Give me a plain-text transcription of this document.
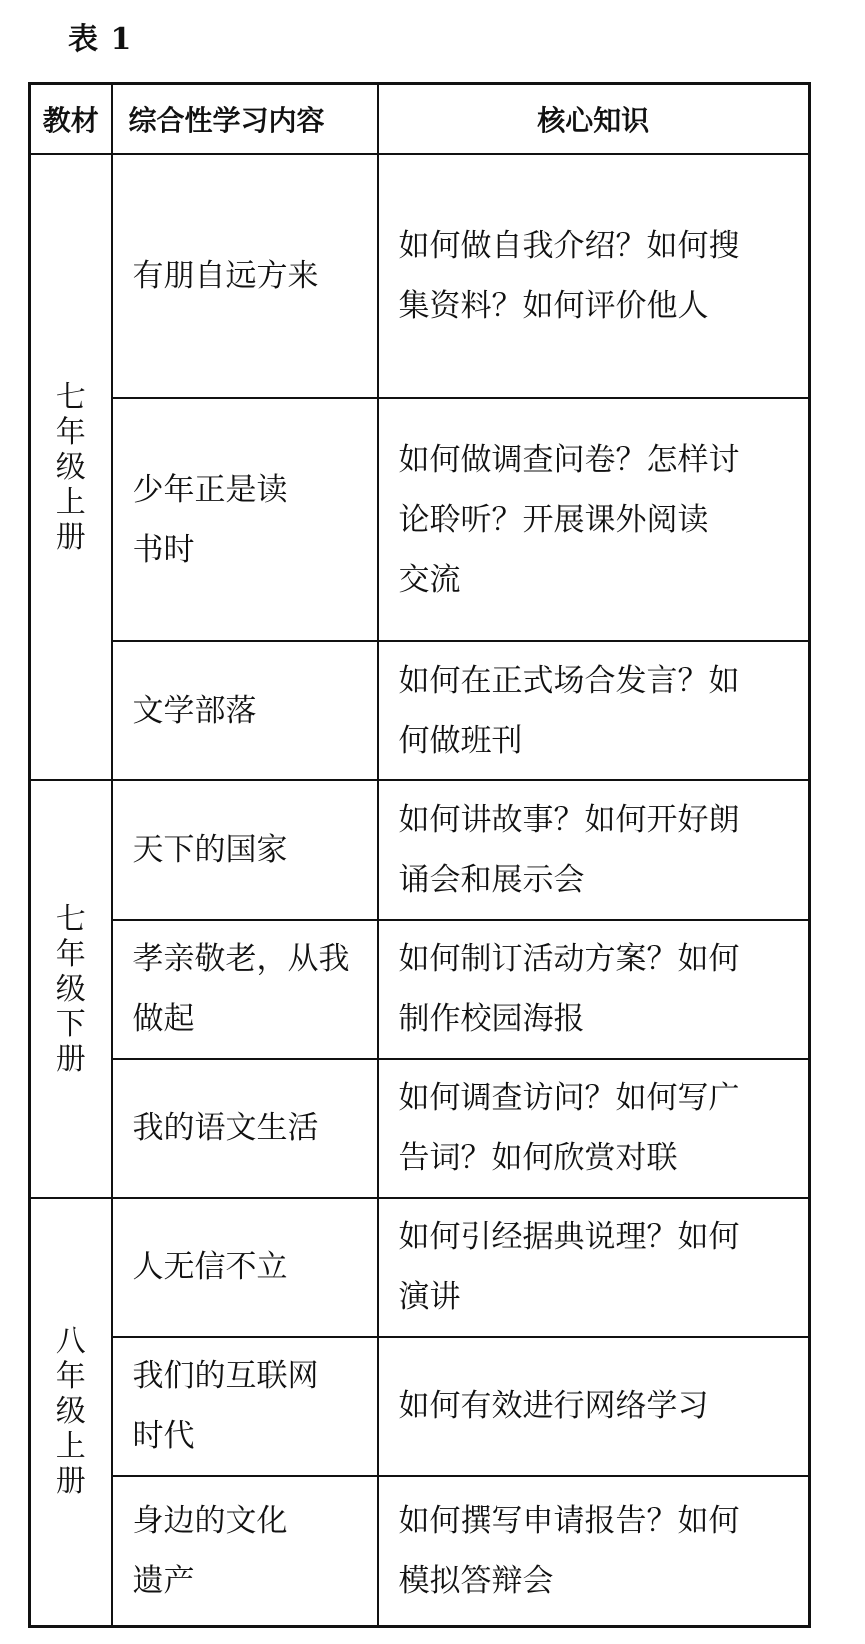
表 1
教材	综合性学习内容	核心知识
七年级上册	有朋自远方来	如何做自我介绍？如何搜
集资料？如何评价他人

	少年正是读
书时	如何做调查问卷？怎样讨
论聆听？开展课外阅读
交流

	文学部落	如何在正式场合发言？如
何做班刊

七年级下册	天下的国家	如何讲故事？如何开好朗
诵会和展示会

	孝亲敬老，从我
做起	如何制订活动方案？如何
制作校园海报

	我的语文生活	如何调查访问？如何写广
告词？如何欣赏对联

八年级上册	人无信不立	如何引经据典说理？如何
演讲

	我们的互联网
时代	如何有效进行网络学习

	身边的文化
遗产	如何撰写申请报告？如何
模拟答辩会
